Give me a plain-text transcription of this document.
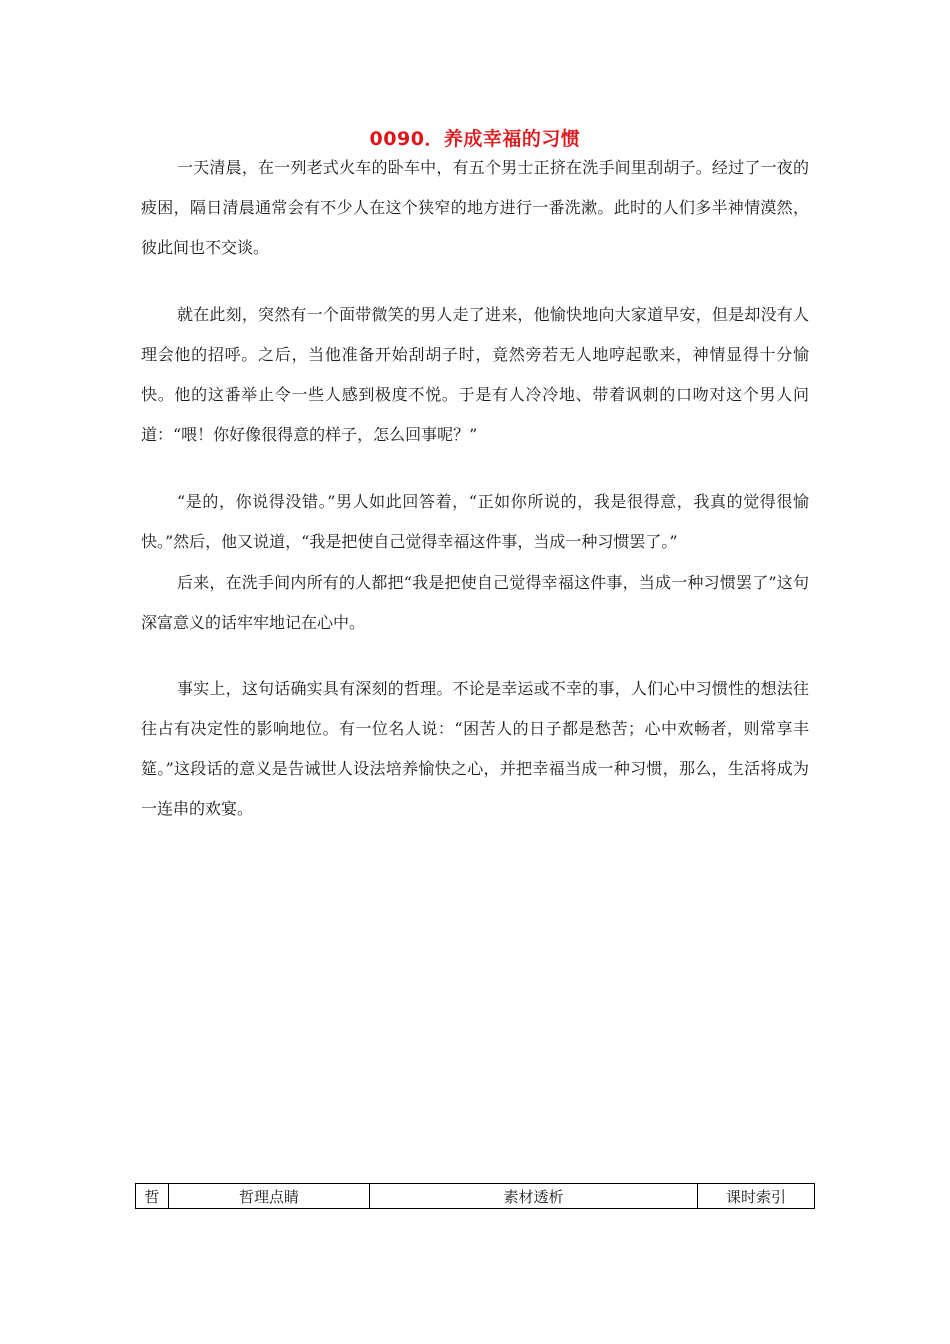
0090．养成幸福的习惯

一天清晨，在一列老式火车的卧车中，有五个男士正挤在洗手间里刮胡子。经过了一夜的疲困，隔日清晨通常会有不少人在这个狭窄的地方进行一番洗漱。此时的人们多半神情漠然，彼此间也不交谈。

就在此刻，突然有一个面带微笑的男人走了进来，他愉快地向大家道早安，但是却没有人理会他的招呼。之后，当他准备开始刮胡子时，竟然旁若无人地哼起歌来，神情显得十分愉快。他的这番举止令一些人感到极度不悦。于是有人冷冷地、带着讽刺的口吻对这个男人问道：“喂！你好像很得意的样子，怎么回事呢？”

“是的，你说得没错。”男人如此回答着，“正如你所说的，我是很得意，我真的觉得很愉快。”然后，他又说道，“我是把使自己觉得幸福这件事，当成一种习惯罢了。”

后来，在洗手间内所有的人都把“我是把使自己觉得幸福这件事，当成一种习惯罢了”这句深富意义的话牢牢地记在心中。

事实上，这句话确实具有深刻的哲理。不论是幸运或不幸的事，人们心中习惯性的想法往往占有决定性的影响地位。有一位名人说：“困苦人的日子都是愁苦；心中欢畅者，则常享丰筵。”这段话的意义是告诫世人设法培养愉快之心，并把幸福当成一种习惯，那么，生活将成为一连串的欢宴。

哲	哲理点睛	素材透析	课时索引
